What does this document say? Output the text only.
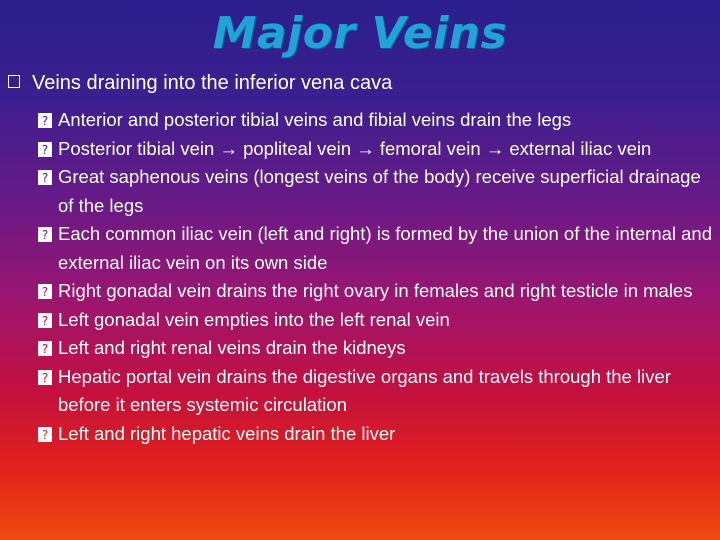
Major Veins
Veins draining into the inferior vena cava
? Anterior and posterior tibial veins and fibial veins drain the legs
? Posterior tibial vein → popliteal vein → femoral vein → external iliac vein
? Great saphenous veins (longest veins of the body) receive superficial drainage of the legs
? Each common iliac vein (left and right) is formed by the union of the internal and external iliac vein on its own side
? Right gonadal vein drains the right ovary in females and right testicle in males
? Left gonadal vein empties into the left renal vein
? Left and right renal veins drain the kidneys
? Hepatic portal vein drains the digestive organs and travels through the liver before it enters systemic circulation
? Left and right hepatic veins drain the liver
